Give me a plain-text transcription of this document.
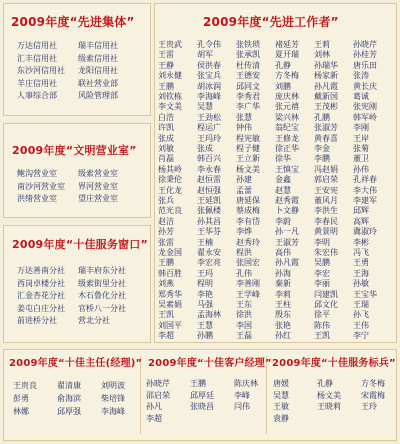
2009年度“先进集体”
万达信用社	瑞丰信用社
汇丰信用社	级索信用社
东沙河信用社	龙阳信用社
羊庄信用社	联社营业部
人事综合部	风险管理部
2009年度“文明营业室”
鲍沟营业室	级索营业室
南沙河营业室	界河营业室
洪绪营业室	望庄营业室
2009年度“十佳服务窗口”
万达善南分社	瑞丰府东分社
西岗卓楼分社	级索街里分社
汇金杏花分社	木石鲁化分社
姜屯白庄分社	官桥八一分社
前进桥分社	营北分社
2009年度“先进工作者”
王贵武	孔令伟	张铁琐	褚延芳	王莉	孙晓芹
王雷	胡军	张承凯	夏开瑞	刘林	孙桂芳
王静	侯洪春	杜传清	孔静	孙瑞华	唐乐田
刘永健	张宝兵	王德安	方冬梅	杨家新	张涛
王鹏	胡冰润	邱同文	刘鹏	孙凡霞	黄长庆
刘钦栋	李海峰	李秀君	庞庆林	戴新国	葛诚
李文美	吴慧	李广华	张元禧	王茂彬	张宪刚
白浩	王劲松	张慧	梁兴林	孔鹏	韩军岭
许凯	程运广	钟伟	翁纪宝	张淑芳	李刚
张成	王玛玲	程宪敏	王修龙	黄春喜	王岸
刘敏	张成	程子健	徐正华	李金	张菊
肖磊	韩百兴	王立新	徐华	李鹏	董卫
杨其岭	李永春	杨文美	王慎宝	冯赵娟	孙伟
徐秉伦	赵恒雷	孙建	金鑫	郭启荣	孔祥春
王化龙	赵恒强	孟蕾	赵慧	王安宪	李大伟
张兵	王延凯	唐延保	赵秀霞	董风月	李建军
范光良	张佩楼	蔡成梅	卜文静	李洪生	邱辉
赵洁	孙其昌	李有岱	李蔚	李春民	高辉
孙芳	王华芬	李烨	孙一凡	黄景明	冀淑玲
张雷	王楠	赵秀玲	王淑芳	李明	李彬
龙金国	翟永安	程洪	高伟	朱宏伟	冯飞
王鹏	李宏亮	张国宏	孙凡霞	吴鹏	王勇
韩百胜	王玛	孔伟	孙海	李宏	王海
刘燕	程明	李善刚	秦新	李丽	孙敏
郑秀华	李艳	王学峰	李莉	闫建凯	王宝华
吴素娟	马强	王东	王柱	邱文化	王瑞
王凯	孟海林	徐洪	殷东	徐平	孙飞
刘国平	王慧	李国	张艳	陈伟	王伟
李超	孙鹏	王磊	孙红	王凯	李宁
2009年度“十佳主任(经理)” 2009年度“十佳客户经理” 2009年度“十佳服务标兵”
王贵良	翟清康	刘明波
彭勇	俞海滨	柴培锋
林娜	邱厚强	李海峰
孙晓芹	王鹏	陈庆林
邵启荣	邱厚廷	李峰
孙凡	张晓昌	闫伟
李超
唐媛	孔静	方冬梅
吴慧	杨文美	宋霞梅
王敏	王晓莉	王玲
袁静
